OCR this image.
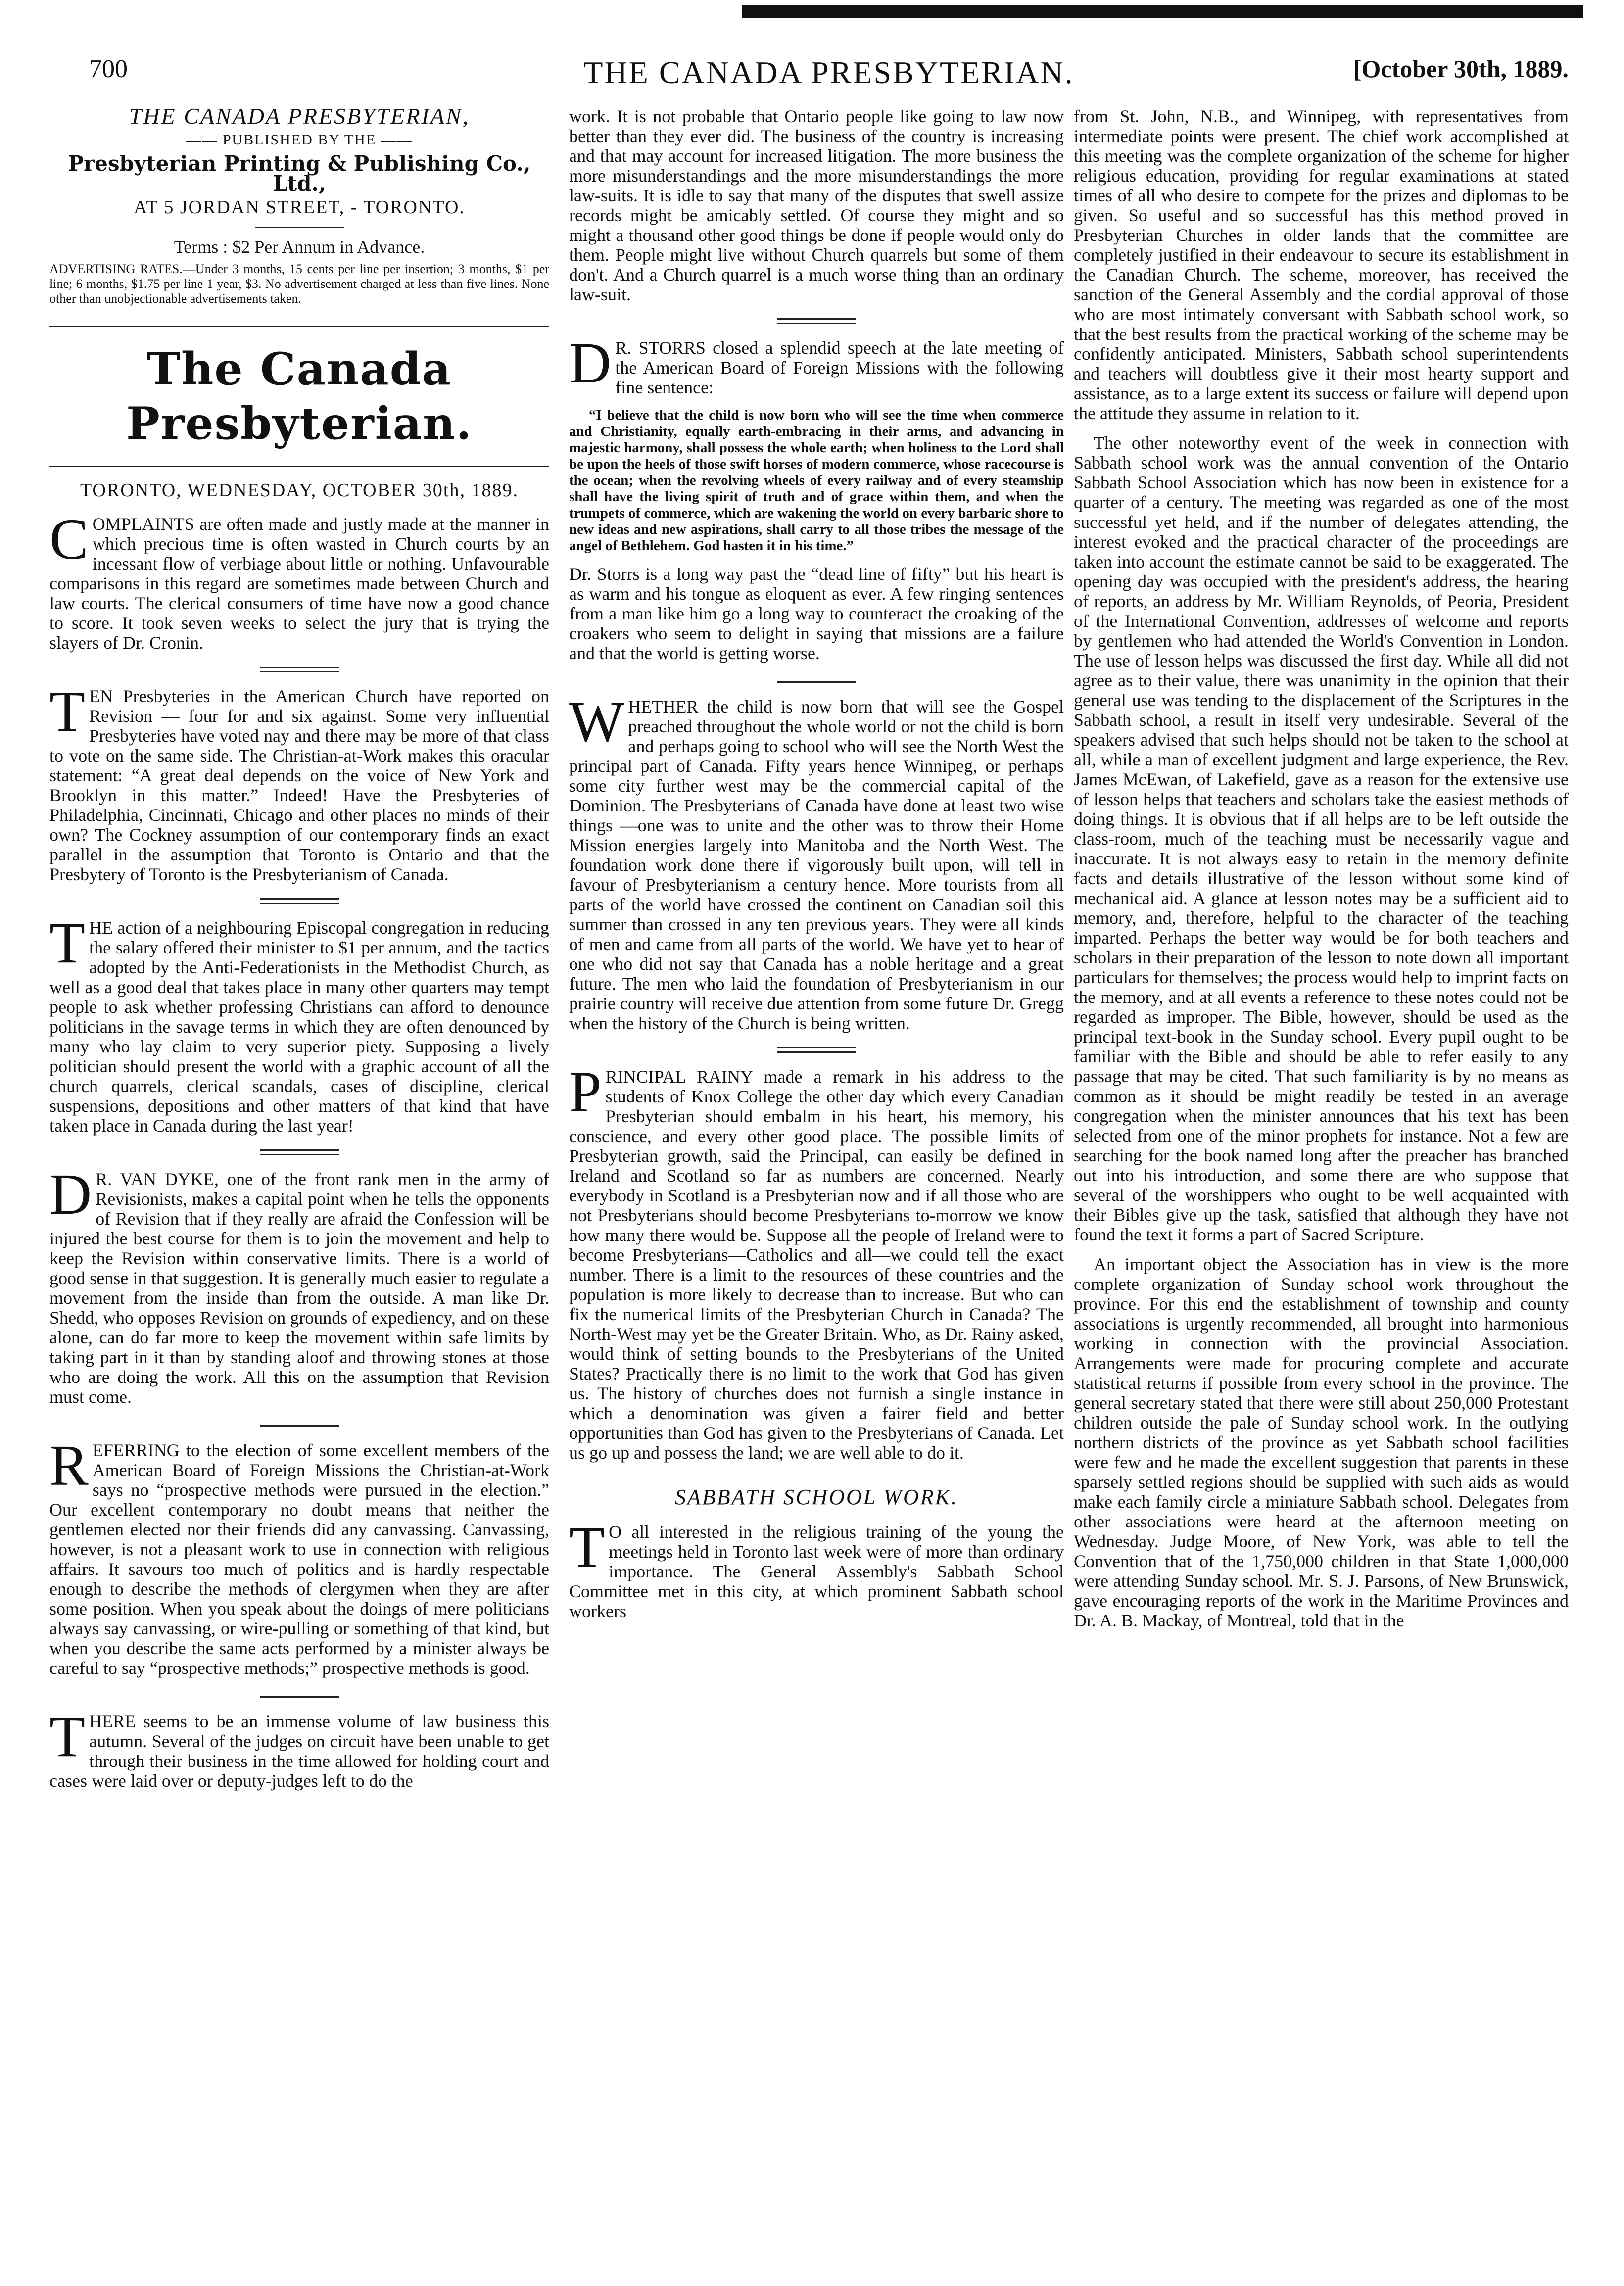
700	THE CANADA PRESBYTERIAN.	[October 30th, 1889.
THE CANADA PRESBYTERIAN,
—— PUBLISHED BY THE ——
Presbyterian Printing & Publishing Co., Ltd.,
AT 5 JORDAN STREET, - TORONTO.
Terms : $2 Per Annum in Advance.
ADVERTISING RATES.—Under 3 months, 15 cents per line per insertion; 3 months, $1 per line; 6 months, $1.75 per line 1 year, $3. No advertisement charged at less than five lines. None other than unobjectionable advertisements taken.
The Canada Presbyterian.
TORONTO, WEDNESDAY, OCTOBER 30th, 1889.

COMPLAINTS are often made and justly made at the manner in which precious time is often wasted in Church courts by an incessant flow of verbiage about little or nothing. Unfavourable comparisons in this regard are sometimes made between Church and law courts. The clerical consumers of time have now a good chance to score. It took seven weeks to select the jury that is trying the slayers of Dr. Cronin.

TEN Presbyteries in the American Church have reported on Revision — four for and six against. Some very influential Presbyteries have voted nay and there may be more of that class to vote on the same side. The Christian-at-Work makes this oracular statement: “A great deal depends on the voice of New York and Brooklyn in this matter.” Indeed! Have the Presbyteries of Philadelphia, Cincinnati, Chicago and other places no minds of their own? The Cockney assumption of our contemporary finds an exact parallel in the assumption that Toronto is Ontario and that the Presbytery of Toronto is the Presbyterianism of Canada.

THE action of a neighbouring Episcopal congregation in reducing the salary offered their minister to $1 per annum, and the tactics adopted by the Anti-Federationists in the Methodist Church, as well as a good deal that takes place in many other quarters may tempt people to ask whether professing Christians can afford to denounce politicians in the savage terms in which they are often denounced by many who lay claim to very superior piety. Supposing a lively politician should present the world with a graphic account of all the church quarrels, clerical scandals, cases of discipline, clerical suspensions, depositions and other matters of that kind that have taken place in Canada during the last year!

D R. VAN DYKE, one of the front rank men in the army of Revisionists, makes a capital point when he tells the opponents of Revision that if they really are afraid the Confession will be injured the best course for them is to join the movement and help to keep the Revision within conservative limits. There is a world of good sense in that suggestion. It is generally much easier to regulate a movement from the inside than from the outside. A man like Dr. Shedd, who opposes Revision on grounds of expediency, and on these alone, can do far more to keep the movement within safe limits by taking part in it than by standing aloof and throwing stones at those who are doing the work. All this on the assumption that Revision must come.

REFERRING to the election of some excellent members of the American Board of Foreign Missions the Christian-at-Work says no “prospective methods were pursued in the election.” Our excellent contemporary no doubt means that neither the gentlemen elected nor their friends did any canvassing. Canvassing, however, is not a pleasant work to use in connection with religious affairs. It savours too much of politics and is hardly respectable enough to describe the methods of clergymen when they are after some position. When you speak about the doings of mere politicians always say canvassing, or wire-pulling or something of that kind, but when you describe the same acts performed by a minister always be careful to say “prospective methods;” prospective methods is good.

THERE seems to be an immense volume of law business this autumn. Several of the judges on circuit have been unable to get through their business in the time allowed for holding court and cases were laid over or deputy-judges left to do the

work. It is not probable that Ontario people like going to law now better than they ever did. The business of the country is increasing and that may account for increased litigation. The more business the more misunderstandings and the more misunderstandings the more law-suits. It is idle to say that many of the disputes that swell assize records might be amicably settled. Of course they might and so might a thousand other good things be done if people would only do them. People might live without Church quarrels but some of them don't. And a Church quarrel is a much worse thing than an ordinary law-suit.

D R. STORRS closed a splendid speech at the late meeting of the American Board of Foreign Missions with the following fine sentence:

“I believe that the child is now born who will see the time when commerce and Christianity, equally earth-embracing in their arms, and advancing in majestic harmony, shall possess the whole earth; when holiness to the Lord shall be upon the heels of those swift horses of modern commerce, whose racecourse is the ocean; when the revolving wheels of every railway and of every steamship shall have the living spirit of truth and of grace within them, and when the trumpets of commerce, which are wakening the world on every barbaric shore to new ideas and new aspirations, shall carry to all those tribes the message of the angel of Bethlehem. God hasten it in his time.”

Dr. Storrs is a long way past the “dead line of fifty” but his heart is as warm and his tongue as eloquent as ever. A few ringing sentences from a man like him go a long way to counteract the croaking of the croakers who seem to delight in saying that missions are a failure and that the world is getting worse.

WHETHER the child is now born that will see the Gospel preached throughout the whole world or not the child is born and perhaps going to school who will see the North West the principal part of Canada. Fifty years hence Winnipeg, or perhaps some city further west may be the commercial capital of the Dominion. The Presbyterians of Canada have done at least two wise things —one was to unite and the other was to throw their Home Mission energies largely into Manitoba and the North West. The foundation work done there if vigorously built upon, will tell in favour of Presbyterianism a century hence. More tourists from all parts of the world have crossed the continent on Canadian soil this summer than crossed in any ten previous years. They were all kinds of men and came from all parts of the world. We have yet to hear of one who did not say that Canada has a noble heritage and a great future. The men who laid the foundation of Presbyterianism in our prairie country will receive due attention from some future Dr. Gregg when the history of the Church is being written.

PRINCIPAL RAINY made a remark in his address to the students of Knox College the other day which every Canadian Presbyterian should embalm in his heart, his memory, his conscience, and every other good place. The possible limits of Presbyterian growth, said the Principal, can easily be defined in Ireland and Scotland so far as numbers are concerned. Nearly everybody in Scotland is a Presbyterian now and if all those who are not Presbyterians should become Presbyterians to-morrow we know how many there would be. Suppose all the people of Ireland were to become Presbyterians—Catholics and all—we could tell the exact number. There is a limit to the resources of these countries and the population is more likely to decrease than to increase. But who can fix the numerical limits of the Presbyterian Church in Canada? The North-West may yet be the Greater Britain. Who, as Dr. Rainy asked, would think of setting bounds to the Presbyterians of the United States? Practically there is no limit to the work that God has given us. The history of churches does not furnish a single instance in which a denomination was given a fairer field and better opportunities than God has given to the Presbyterians of Canada. Let us go up and possess the land; we are well able to do it.

SABBATH SCHOOL WORK.

T O all interested in the religious training of the young the meetings held in Toronto last week were of more than ordinary importance. The General Assembly's Sabbath School Committee met in this city, at which prominent Sabbath school workers

from St. John, N.B., and Winnipeg, with representatives from intermediate points were present. The chief work accomplished at this meeting was the complete organization of the scheme for higher religious education, providing for regular examinations at stated times of all who desire to compete for the prizes and diplomas to be given. So useful and so successful has this method proved in Presbyterian Churches in older lands that the committee are completely justified in their endeavour to secure its establishment in the Canadian Church. The scheme, moreover, has received the sanction of the General Assembly and the cordial approval of those who are most intimately conversant with Sabbath school work, so that the best results from the practical working of the scheme may be confidently anticipated. Ministers, Sabbath school superintendents and teachers will doubtless give it their most hearty support and assistance, as to a large extent its success or failure will depend upon the attitude they assume in relation to it.

The other noteworthy event of the week in connection with Sabbath school work was the annual convention of the Ontario Sabbath School Association which has now been in existence for a quarter of a century. The meeting was regarded as one of the most successful yet held, and if the number of delegates attending, the interest evoked and the practical character of the proceedings are taken into account the estimate cannot be said to be exaggerated. The opening day was occupied with the president's address, the hearing of reports, an address by Mr. William Reynolds, of Peoria, President of the International Convention, addresses of welcome and reports by gentlemen who had attended the World's Convention in London. The use of lesson helps was discussed the first day. While all did not agree as to their value, there was unanimity in the opinion that their general use was tending to the displacement of the Scriptures in the Sabbath school, a result in itself very undesirable. Several of the speakers advised that such helps should not be taken to the school at all, while a man of excellent judgment and large experience, the Rev. James McEwan, of Lakefield, gave as a reason for the extensive use of lesson helps that teachers and scholars take the easiest methods of doing things. It is obvious that if all helps are to be left outside the class-room, much of the teaching must be necessarily vague and inaccurate. It is not always easy to retain in the memory definite facts and details illustrative of the lesson without some kind of mechanical aid. A glance at lesson notes may be a sufficient aid to memory, and, therefore, helpful to the character of the teaching imparted. Perhaps the better way would be for both teachers and scholars in their preparation of the lesson to note down all important particulars for themselves; the process would help to imprint facts on the memory, and at all events a reference to these notes could not be regarded as improper. The Bible, however, should be used as the principal text-book in the Sunday school. Every pupil ought to be familiar with the Bible and should be able to refer easily to any passage that may be cited. That such familiarity is by no means as common as it should be might readily be tested in an average congregation when the minister announces that his text has been selected from one of the minor prophets for instance. Not a few are searching for the book named long after the preacher has branched out into his introduction, and some there are who suppose that several of the worshippers who ought to be well acquainted with their Bibles give up the task, satisfied that although they have not found the text it forms a part of Sacred Scripture.

An important object the Association has in view is the more complete organization of Sunday school work throughout the province. For this end the establishment of township and county associations is urgently recommended, all brought into harmonious working in connection with the provincial Association. Arrangements were made for procuring complete and accurate statistical returns if possible from every school in the province. The general secretary stated that there were still about 250,000 Protestant children outside the pale of Sunday school work. In the outlying northern districts of the province as yet Sabbath school facilities were few and he made the excellent suggestion that parents in these sparsely settled regions should be supplied with such aids as would make each family circle a miniature Sabbath school. Delegates from other associations were heard at the afternoon meeting on Wednesday. Judge Moore, of New York, was able to tell the Convention that of the 1,750,000 children in that State 1,000,000 were attending Sunday school. Mr. S. J. Parsons, of New Brunswick, gave encouraging reports of the work in the Maritime Provinces and Dr. A. B. Mackay, of Montreal, told that in the
